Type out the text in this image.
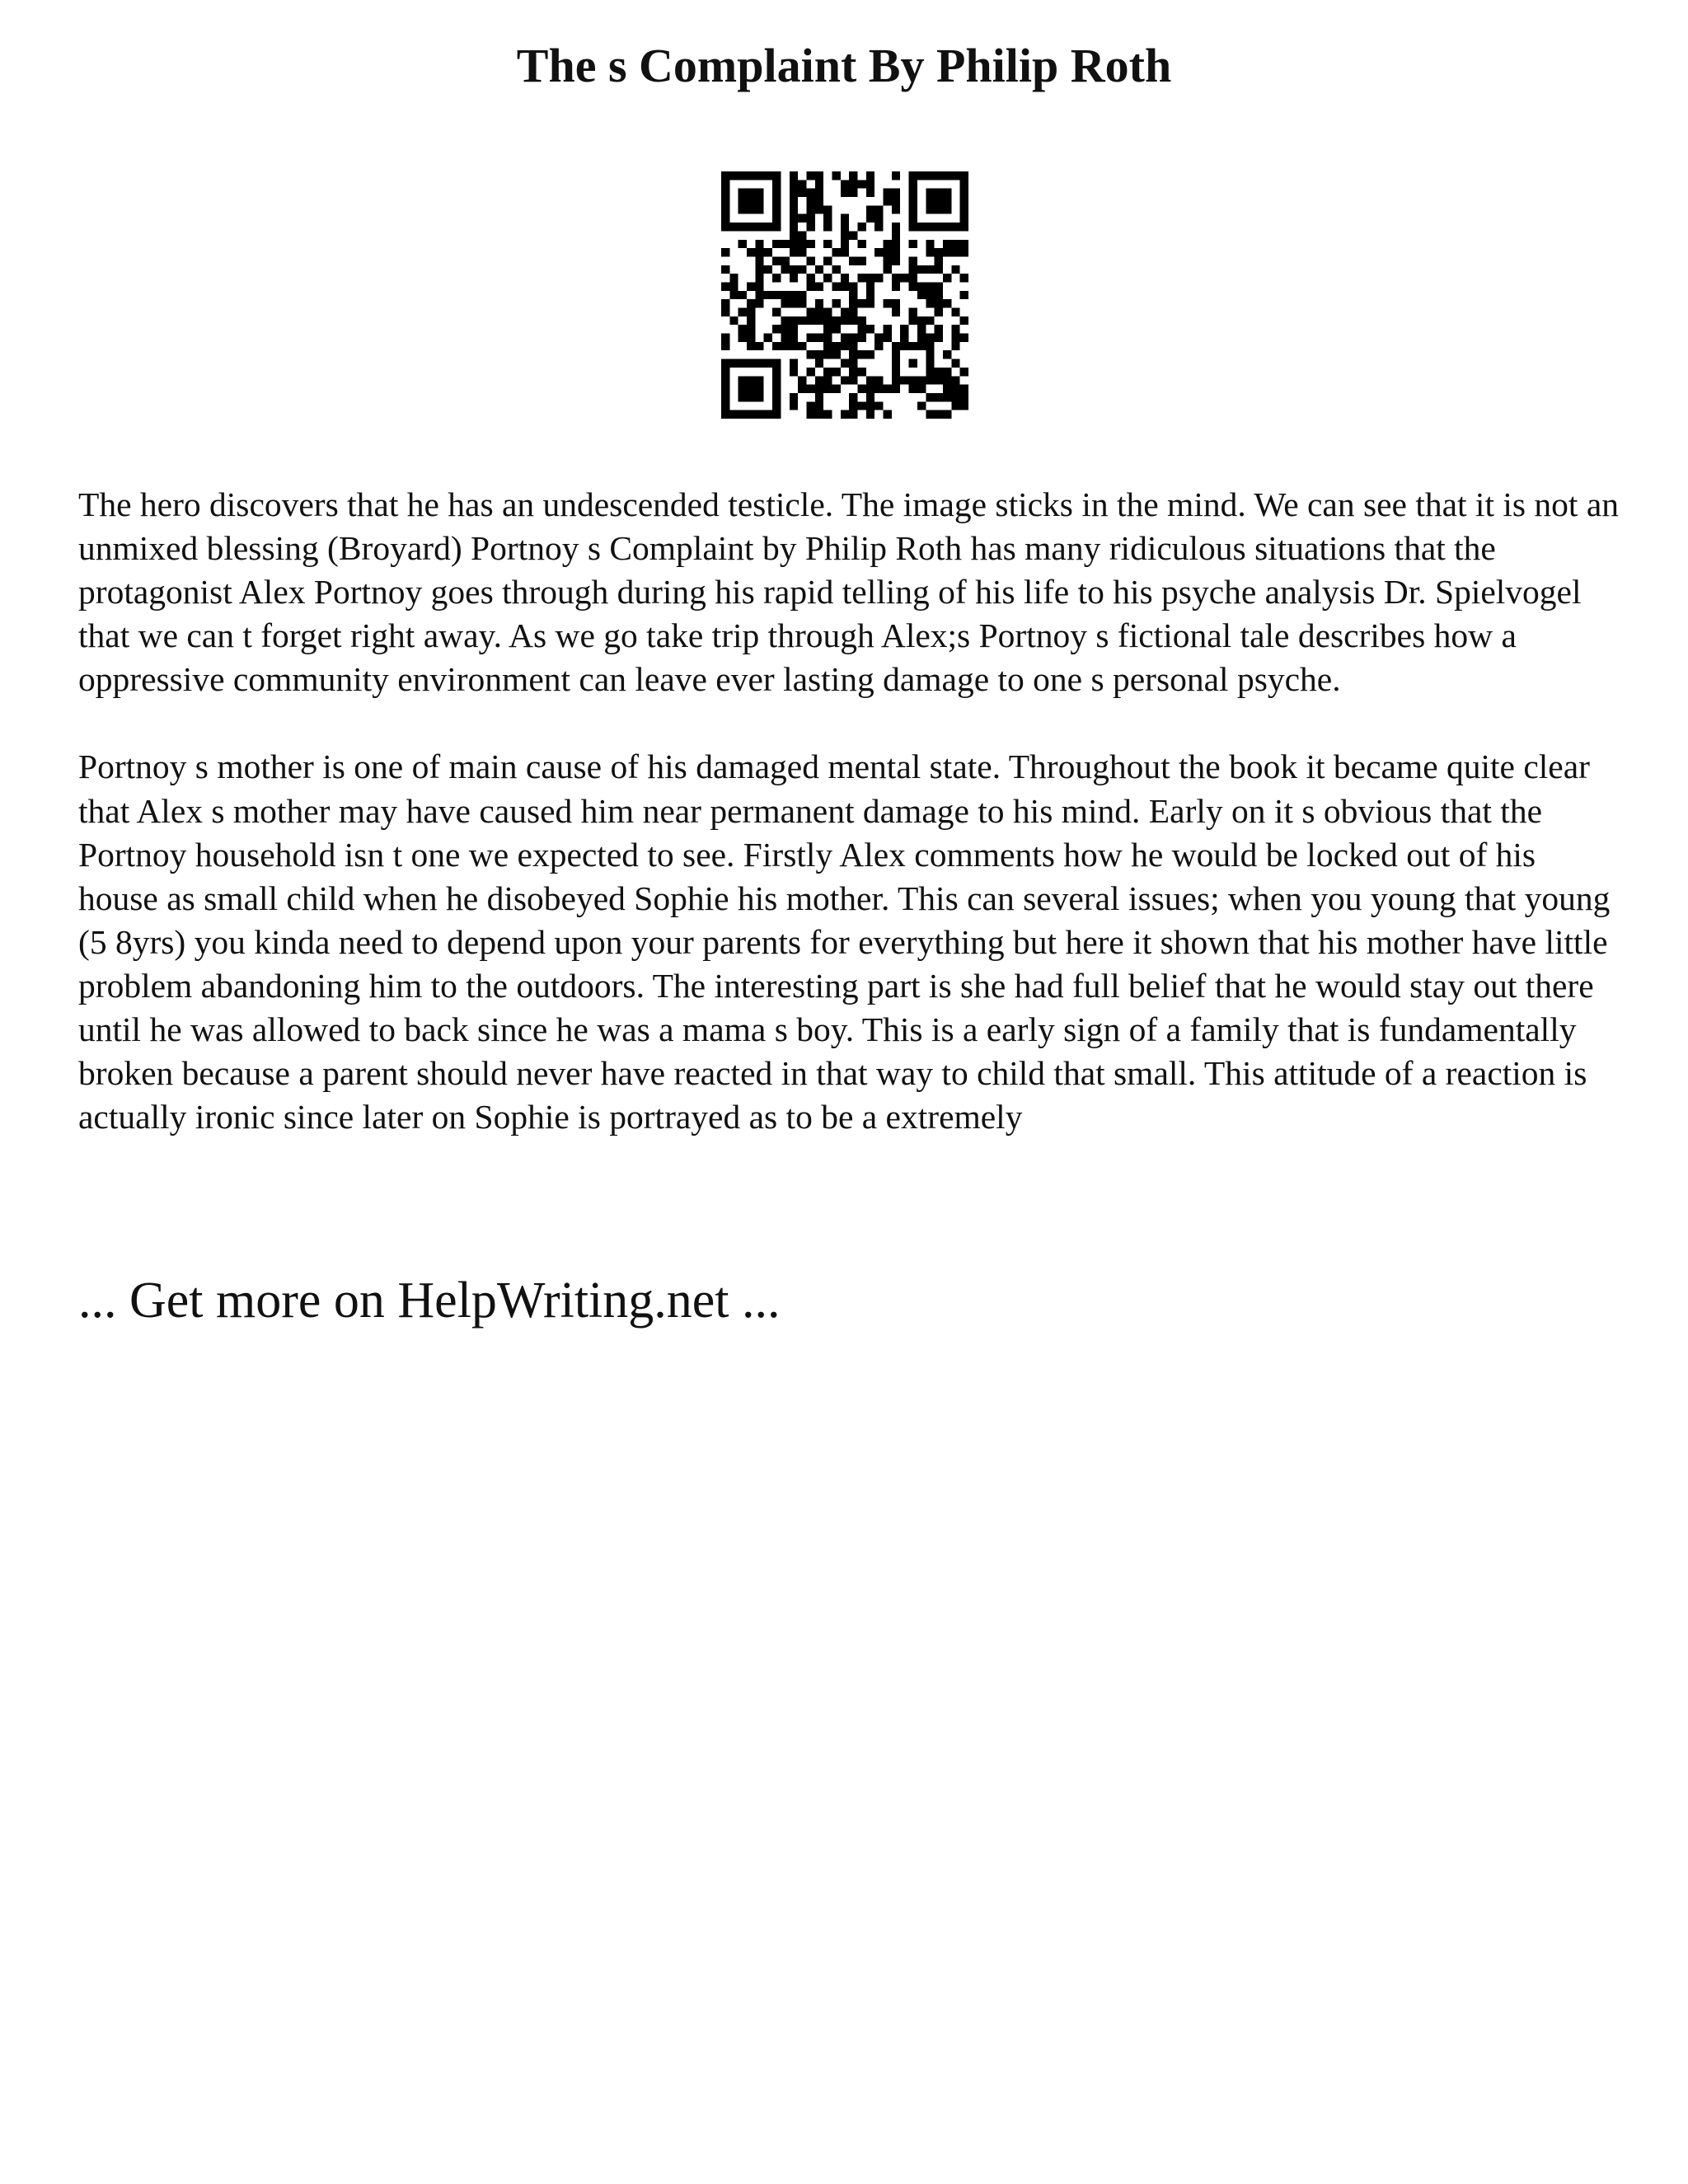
The s Complaint By Philip Roth

The hero discovers that he has an undescended testicle. The image sticks in the mind. We can see that it is not an unmixed blessing (Broyard) Portnoy s Complaint by Philip Roth has many ridiculous situations that the protagonist Alex Portnoy goes through during his rapid telling of his life to his psyche analysis Dr. Spielvogel that we can t forget right away. As we go take trip through Alex;s Portnoy s fictional tale describes how a oppressive community environment can leave ever lasting damage to one s personal psyche.

Portnoy s mother is one of main cause of his damaged mental state. Throughout the book it became quite clear that Alex s mother may have caused him near permanent damage to his mind. Early on it s obvious that the Portnoy household isn t one we expected to see. Firstly Alex comments how he would be locked out of his house as small child when he disobeyed Sophie his mother. This can several issues; when you young that young (5 8yrs) you kinda need to depend upon your parents for everything but here it shown that his mother have little problem abandoning him to the outdoors. The interesting part is she had full belief that he would stay out there until he was allowed to back since he was a mama s boy. This is a early sign of a family that is fundamentally broken because a parent should never have reacted in that way to child that small. This attitude of a reaction is actually ironic since later on Sophie is portrayed as to be a extremely

... Get more on HelpWriting.net ...
